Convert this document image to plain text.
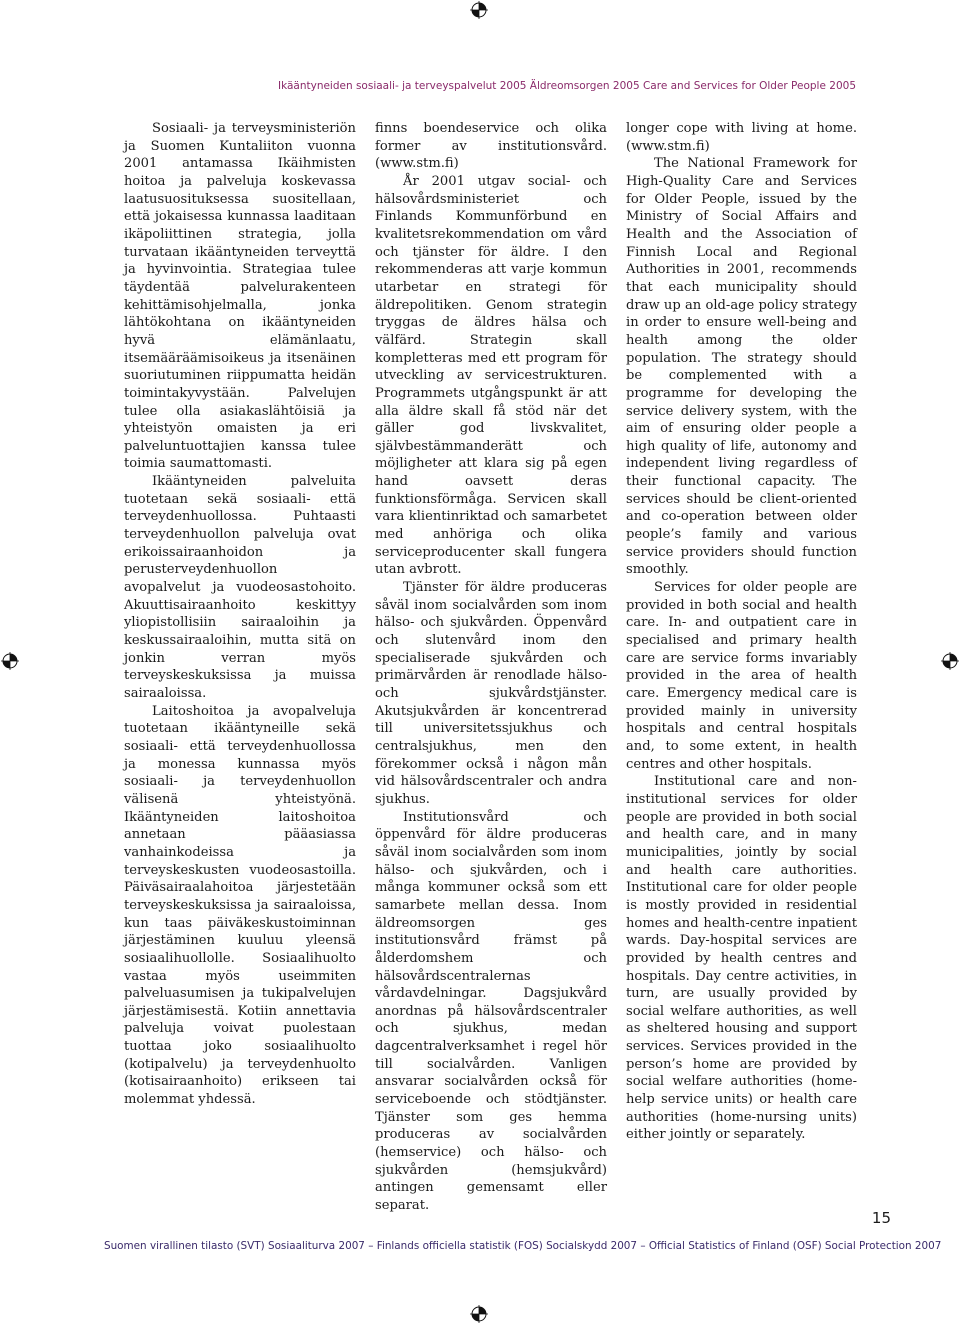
Ikääntyneiden sosiaali- ja terveyspalvelut 2005 Äldreomsorgen 2005 Care and Services for Older People 2005

Sosiaali- ja terveysministeriön ja Suomen Kuntaliiton vuonna 2001 antamassa Ikäihmisten hoitoa ja palveluja koskevassa laatusuosituksessa suositellaan, että jokaisessa kunnassa laaditaan ikäpoliittinen strategia, jolla turvataan ikääntyneiden terveyttä ja hyvinvointia. Strategiaa tulee täydentää palvelurakenteen kehittämisohjelmalla, jonka lähtökohtana on ikääntyneiden hyvä elämänlaatu, itsemääräämisoikeus ja itsenäinen suoriutuminen riippumatta heidän toimintakyvystään. Palvelujen tulee olla asiakaslähtöisiä ja yhteistyön omaisten ja eri palveluntuottajien kanssa tulee toimia saumattomasti.

Ikääntyneiden palveluita tuotetaan sekä sosiaali- että terveydenhuollossa. Puhtaasti terveydenhuollon palveluja ovat erikoissairaanhoidon ja perusterveydenhuollon avopalvelut ja vuodeosastohoito. Akuuttisairaanhoito keskittyy yliopistollisiin sairaaloihin ja keskussairaaloihin, mutta sitä on jonkin verran myös terveyskeskuksissa ja muissa sairaaloissa.

Laitoshoitoa ja avopalveluja tuotetaan ikääntyneille sekä sosiaali- että terveydenhuollossa ja monessa kunnassa myös sosiaali- ja terveydenhuollon välisenä yhteistyönä. Ikääntyneiden laitoshoitoa annetaan pääasiassa vanhainkodeissa ja terveyskeskusten vuodeosastoilla. Päiväsairaalahoitoa järjestetään terveyskeskuksissa ja sairaaloissa, kun taas päiväkeskustoiminnan järjestäminen kuuluu yleensä sosiaalihuollolle. Sosiaalihuolto vastaa myös useimmiten palveluasumisen ja tukipalvelujen järjestämisestä. Kotiin annettavia palveluja voivat puolestaan tuottaa joko sosiaalihuolto (kotipalvelu) ja terveydenhuolto (kotisairaanhoito) erikseen tai molemmat yhdessä.

finns boendeservice och olika former av institutionsvård. (www.stm.fi)

År 2001 utgav social- och hälsovårdsministeriet och Finlands Kommunförbund en kvalitetsrekommendation om vård och tjänster för äldre. I den rekommenderas att varje kommun utarbetar en strategi för äldrepolitiken. Genom strategin tryggas de äldres hälsa och välfärd. Strategin skall kompletteras med ett program för utveckling av servicestrukturen. Programmets utgångspunkt är att alla äldre skall få stöd när det gäller god livskvalitet, självbestämmanderätt och möjligheter att klara sig på egen hand oavsett deras funktionsförmåga. Servicen skall vara klientinriktad och samarbetet med anhöriga och olika serviceproducenter skall fungera utan avbrott.

Tjänster för äldre produceras såväl inom socialvården som inom hälso- och sjukvården. Öppenvård och slutenvård inom den specialiserade sjukvården och primärvården är renodlade hälso- och sjukvårdstjänster. Akutsjukvården är koncentrerad till universitetssjukhus och centralsjukhus, men den förekommer också i någon mån vid hälsovårdscentraler och andra sjukhus.

Institutionsvård och öppenvård för äldre produceras såväl inom socialvården som inom hälso- och sjukvården, och i många kommuner också som ett samarbete mellan dessa. Inom äldreomsorgen ges institutionsvård främst på ålderdomshem och hälsovårdscentralernas vårdavdelningar. Dagsjukvård anordnas på hälsovårdscentraler och sjukhus, medan dagcentralverksamhet i regel hör till socialvården. Vanligen ansvarar socialvården också för serviceboende och stödtjänster. Tjänster som ges hemma produceras av socialvården (hemservice) och hälso- och sjukvården (hemsjukvård) antingen gemensamt eller separat.

longer cope with living at home. (www.stm.fi)

The National Framework for High-Quality Care and Services for Older People, issued by the Ministry of Social Affairs and Health and the Association of Finnish Local and Regional Authorities in 2001, recommends that each municipality should draw up an old-age policy strategy in order to ensure well-being and health among the older population. The strategy should be complemented with a programme for developing the service delivery system, with the aim of ensuring older people a high quality of life, autonomy and independent living regardless of their functional capacity. The services should be client-oriented and co-operation between older people’s family and various service providers should function smoothly.

Services for older people are provided in both social and health care. In- and outpatient care in specialised and primary health care are service forms invariably provided in the area of health care. Emergency medical care is provided mainly in university hospitals and central hospitals and, to some extent, in health centres and other hospitals.

Institutional care and non-institutional services for older people are provided in both social and health care, and in many municipalities, jointly by social and health care authorities. Institutional care for older people is mostly provided in residential homes and health-centre inpatient wards. Day-hospital services are provided by health centres and hospitals. Day centre activities, in turn, are usually provided by social welfare authorities, as well as sheltered housing and support services. Services provided in the person’s home are provided by social welfare authorities (home-help service units) or health care authorities (home-nursing units) either jointly or separately.

15
Suomen virallinen tilasto (SVT) Sosiaaliturva 2007 – Finlands officiella statistik (FOS) Socialskydd 2007 – Official Statistics of Finland (OSF) Social Protection 2007
